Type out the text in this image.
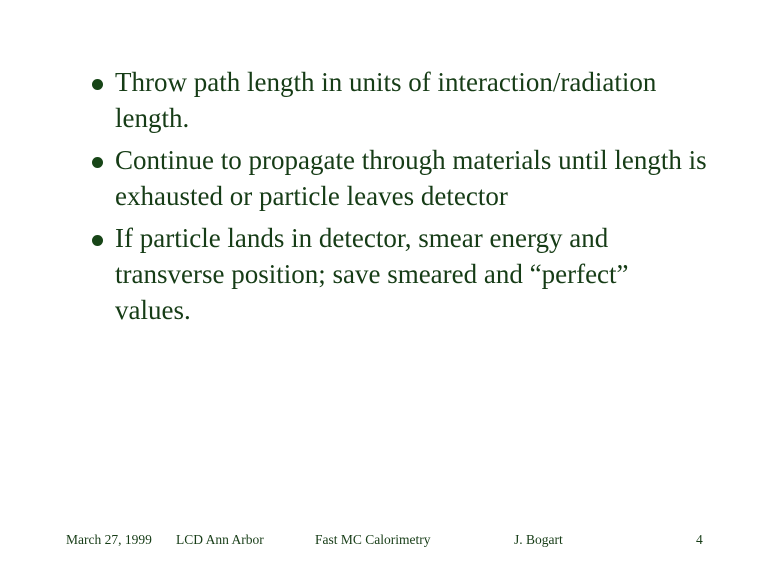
Throw path length in units of interaction/radiation length.
Continue to propagate through materials until length is exhausted or particle leaves detector
If particle lands in detector, smear energy and transverse position; save smeared and “perfect” values.
March 27, 1999 LCD Ann Arbor	Fast MC Calorimetry	J. Bogart	4
